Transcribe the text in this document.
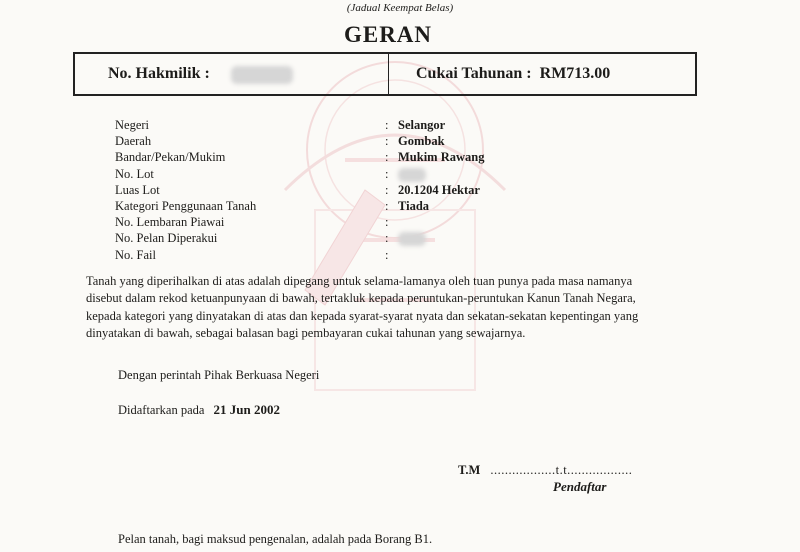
(Jadual Keempat Belas)
GERAN
No. Hakmilik :	Cukai Tahunan : RM713.00
Negeri	: Selangor
Daerah	: Gombak
Bandar/Pekan/Mukim	: Mukim Rawang
No. Lot	:
Luas Lot	: 20.1204 Hektar
Kategori Penggunaan Tanah	: Tiada
No. Lembaran Piawai	:
No. Pelan Diperakui	:
No. Fail	:
Tanah yang diperihalkan di atas adalah dipegang untuk selama-lamanya oleh tuan punya pada masa namanya
disebut dalam rekod ketuanpunyaan di bawah, tertakluk kepada peruntukan-peruntukan Kanun Tanah Negara,
kepada kategori yang dinyatakan di atas dan kepada syarat-syarat nyata dan sekatan-sekatan kepentingan yang
dinyatakan di bawah, sebagai balasan bagi pembayaran cukai tahunan yang sewajarnya.
Dengan perintah Pihak Berkuasa Negeri
Didaftarkan pada 21 Jun 2002
T.M ..................t.t..................
Pendaftar
Pelan tanah, bagi maksud pengenalan, adalah pada Borang B1.
